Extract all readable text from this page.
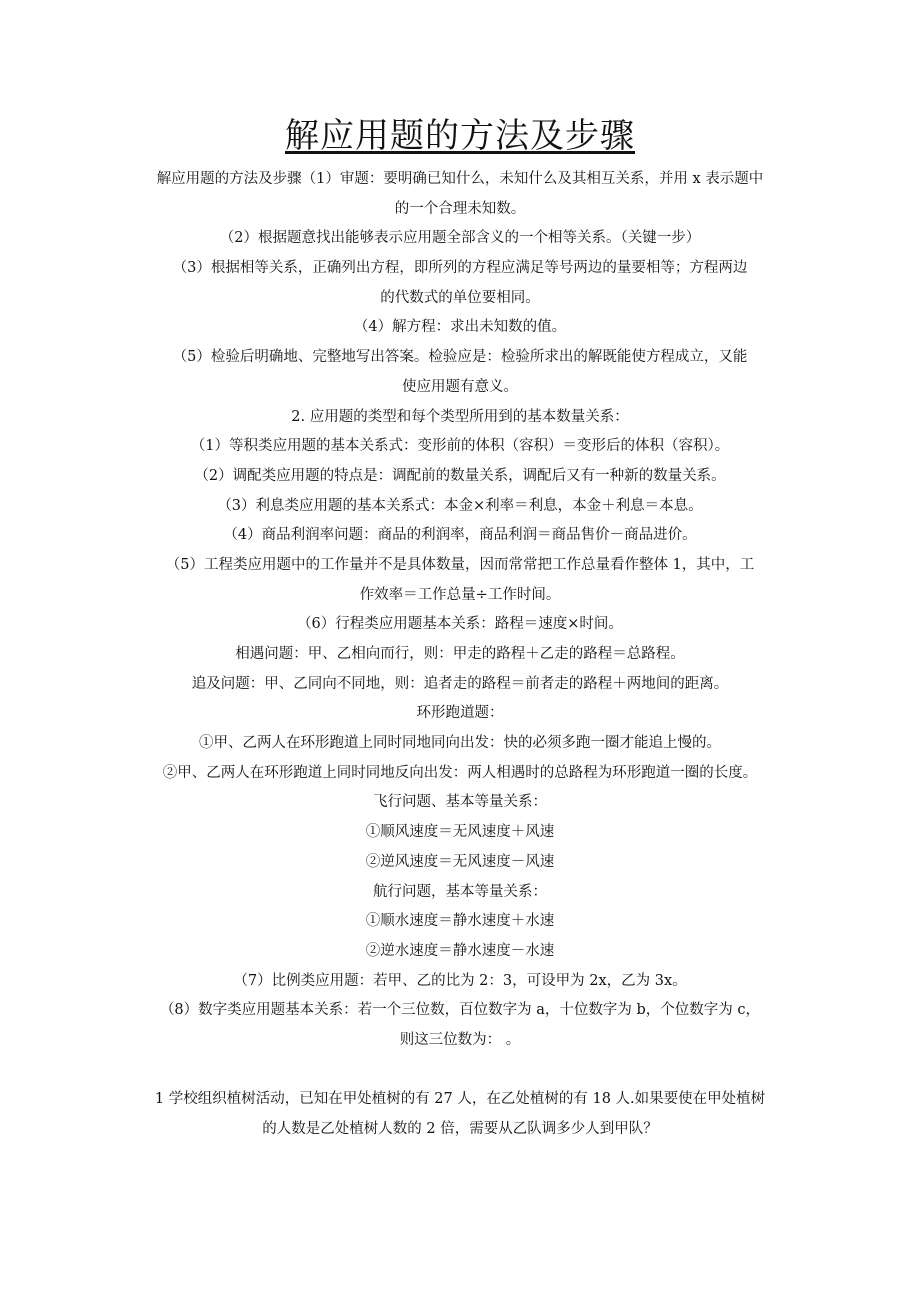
解应用题的方法及步骤
解应用题的方法及步骤（1）审题：要明确已知什么，未知什么及其相互关系，并用 x 表示题中
的一个合理未知数。
（2）根据题意找出能够表示应用题全部含义的一个相等关系。（关键一步）
（3）根据相等关系，正确列出方程，即所列的方程应满足等号两边的量要相等；方程两边
的代数式的单位要相同。
（4）解方程：求出未知数的值。
（5）检验后明确地、完整地写出答案。检验应是：检验所求出的解既能使方程成立，又能
使应用题有意义。
2. 应用题的类型和每个类型所用到的基本数量关系：
（1）等积类应用题的基本关系式：变形前的体积（容积）＝变形后的体积（容积）。
（2）调配类应用题的特点是：调配前的数量关系，调配后又有一种新的数量关系。
（3）利息类应用题的基本关系式：本金×利率＝利息，本金＋利息＝本息。
（4）商品利润率问题：商品的利润率，商品利润＝商品售价－商品进价。
（5）工程类应用题中的工作量并不是具体数量，因而常常把工作总量看作整体 1，其中，工
作效率＝工作总量÷工作时间。
（6）行程类应用题基本关系：路程＝速度×时间。
相遇问题：甲、乙相向而行，则：甲走的路程＋乙走的路程＝总路程。
追及问题：甲、乙同向不同地，则：追者走的路程＝前者走的路程＋两地间的距离。
环形跑道题：
①甲、乙两人在环形跑道上同时同地同向出发：快的必须多跑一圈才能追上慢的。
②甲、乙两人在环形跑道上同时同地反向出发：两人相遇时的总路程为环形跑道一圈的长度。
飞行问题、基本等量关系：
①顺风速度＝无风速度＋风速
②逆风速度＝无风速度－风速
航行问题，基本等量关系：
①顺水速度＝静水速度＋水速
②逆水速度＝静水速度－水速
（7）比例类应用题：若甲、乙的比为 2：3，可设甲为 2x，乙为 3x。
（8）数字类应用题基本关系：若一个三位数，百位数字为 a，十位数字为 b，个位数字为 c，
则这三位数为： 。
1 学校组织植树活动，已知在甲处植树的有 27 人，在乙处植树的有 18 人.如果要使在甲处植树
的人数是乙处植树人数的 2 倍，需要从乙队调多少人到甲队？
